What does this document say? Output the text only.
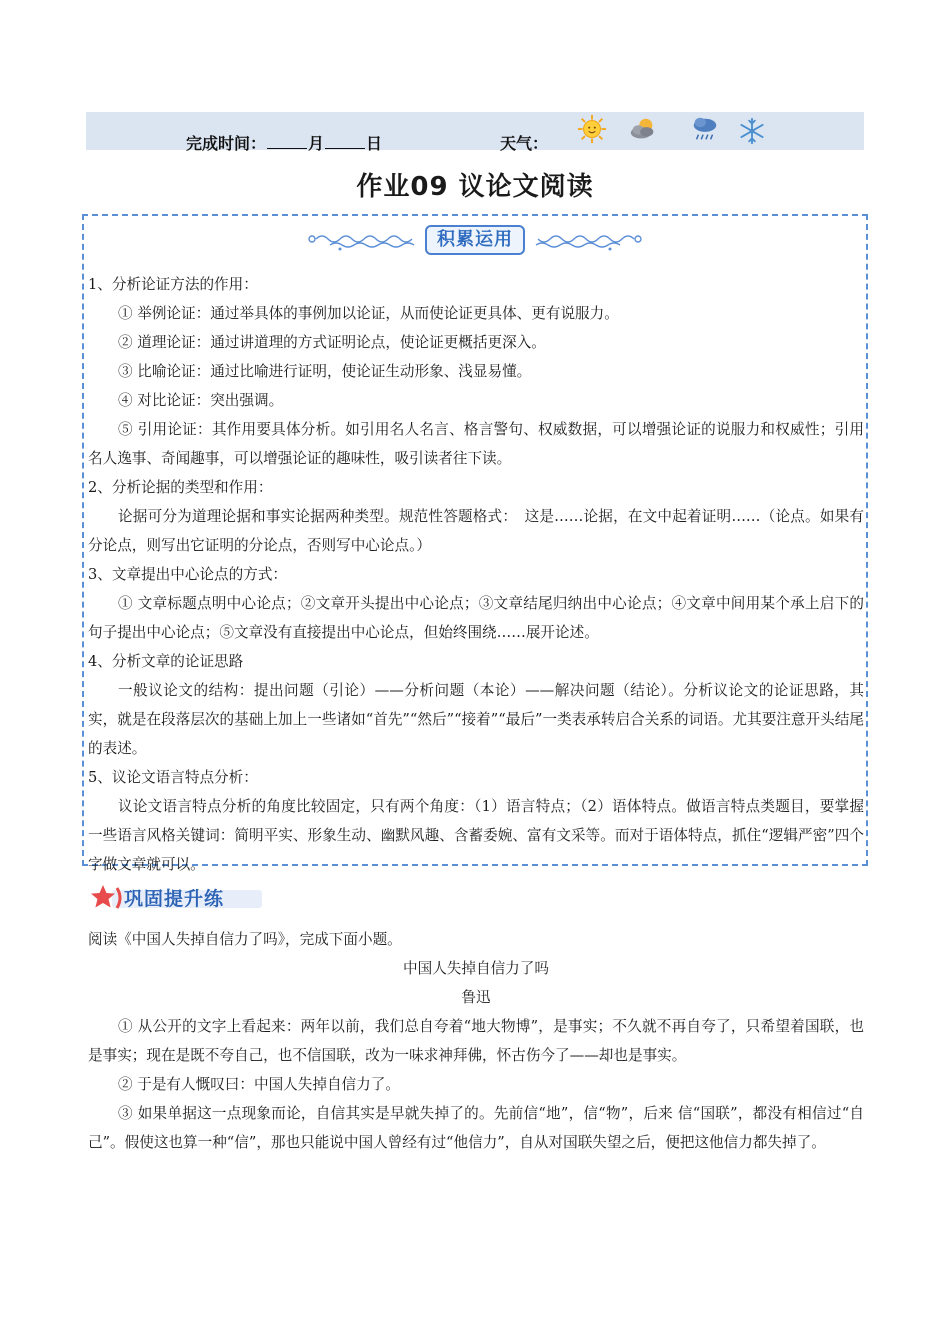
完成时间：	月	日	天气：
作业09 议论文阅读
积累运用

1、分析论证方法的作用：

① 举例论证：通过举具体的事例加以论证，从而使论证更具体、更有说服力。

② 道理论证：通过讲道理的方式证明论点，使论证更概括更深入。

③ 比喻论证：通过比喻进行证明，使论证生动形象、浅显易懂。

④ 对比论证：突出强调。

⑤ 引用论证：其作用要具体分析。如引用名人名言、格言警句、权威数据，可以增强论证的说服力和权威性；引用名人逸事、奇闻趣事，可以增强论证的趣味性，吸引读者往下读。

2、分析论据的类型和作用：

论据可分为道理论据和事实论据两种类型。规范性答题格式：　这是……论据，在文中起着证明……（论点。如果有分论点，则写出它证明的分论点，否则写中心论点。）

3、文章提出中心论点的方式：

① 文章标题点明中心论点；②文章开头提出中心论点；③文章结尾归纳出中心论点；④文章中间用某个承上启下的句子提出中心论点；⑤文章没有直接提出中心论点，但始终围绕……展开论述。

4、分析文章的论证思路

一般议论文的结构：提出问题（引论）——分析问题（本论）——解决问题（结论）。分析议论文的论证思路，其实，就是在段落层次的基础上加上一些诸如“首先”“然后”“接着”“最后”一类表承转启合关系的词语。尤其要注意开头结尾的表述。

5、议论文语言特点分析：

议论文语言特点分析的角度比较固定，只有两个角度：（1）语言特点；（2）语体特点。做语言特点类题目，要掌握一些语言风格关键词：简明平实、形象生动、幽默风趣、含蓄委婉、富有文采等。而对于语体特点，抓住“逻辑严密”四个字做文章就可以。

巩固提升练

阅读《中国人失掉自信力了吗》，完成下面小题。

中国人失掉自信力了吗

鲁迅

① 从公开的文字上看起来：两年以前，我们总自夸着“地大物博”，是事实；不久就不再自夸了，只希望着国联，也是事实；现在是既不夸自己，也不信国联，改为一味求神拜佛，怀古伤今了——却也是事实。

② 于是有人慨叹曰：中国人失掉自信力了。

③ 如果单据这一点现象而论，自信其实是早就失掉了的。先前信“地”，信“物”，后来 信“国联”，都没有相信过“自己”。假使这也算一种“信”，那也只能说中国人曾经有过“他信力”，自从对国联失望之后，便把这他信力都失掉了。
